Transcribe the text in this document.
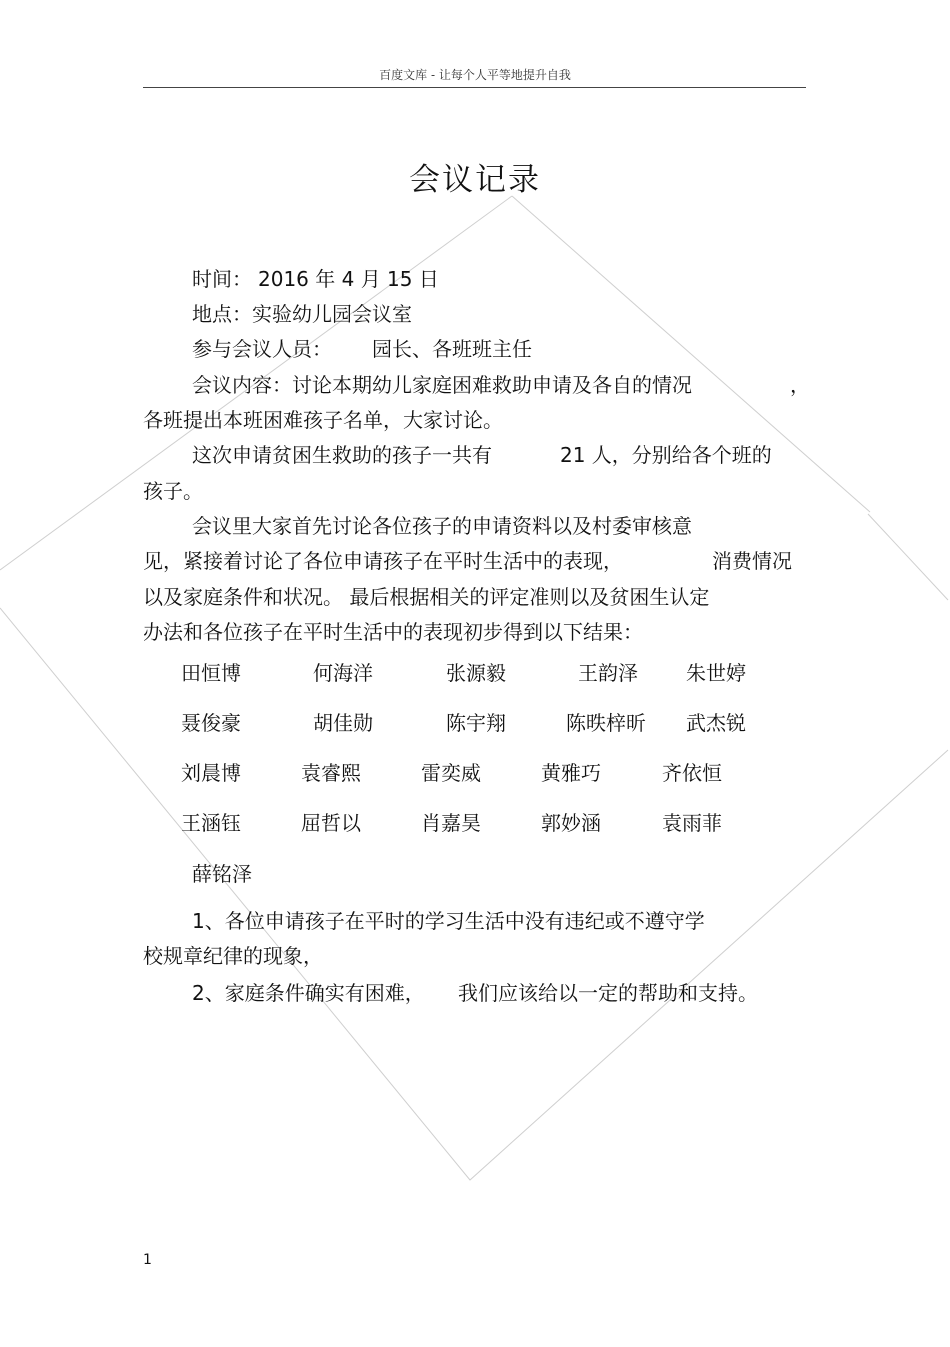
百度文库 - 让每个人平等地提升自我
会议记录
时间： 2016 年 4 月 15 日
地点：实验幼儿园会议室
参与会议人员： 园长、各班班主任
会议内容：讨论本期幼儿家庭困难救助申请及各自的情况	，
各班提出本班困难孩子名单，大家讨论。
这次申请贫困生救助的孩子一共有	21 人，分别给各个班的
孩子。
会议里大家首先讨论各位孩子的申请资料以及村委审核意
见，紧接着讨论了各位申请孩子在平时生活中的表现，	消费情况
以及家庭条件和状况。 最后根据相关的评定准则以及贫困生认定
办法和各位孩子在平时生活中的表现初步得到以下结果：
田恒博	何海洋	张源毅	王韵泽 朱世婷
聂俊豪	胡佳勋	陈宇翔	陈昳梓昕 武杰锐
刘晨博	袁睿熙	雷奕威	黄雅巧	齐依恒
王涵钰	屈哲以	肖嘉昊	郭妙涵	袁雨菲
薛铭泽
1、各位申请孩子在平时的学习生活中没有违纪或不遵守学
校规章纪律的现象，
2、家庭条件确实有困难， 我们应该给以一定的帮助和支持。
1
